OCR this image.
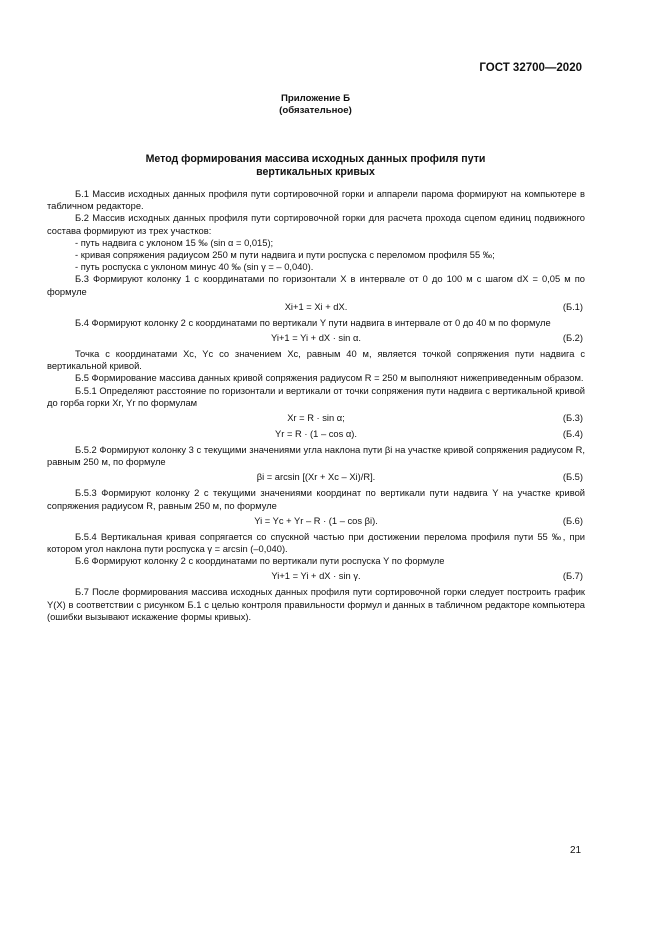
ГОСТ 32700—2020
Приложение Б
(обязательное)
Метод формирования массива исходных данных профиля пути
вертикальных кривых

Б.1 Массив исходных данных профиля пути сортировочной горки и аппарели парома формируют на компьютере в табличном редакторе.

Б.2 Массив исходных данных профиля пути сортировочной горки для расчета прохода сцепом единиц подвижного состава формируют из трех участков:

- путь надвига с уклоном 15 ‰ (sin α = 0,015);

- кривая сопряжения радиусом 250 м пути надвига и пути роспуска с переломом профиля 55 ‰;

- путь роспуска с уклоном минус 40 ‰ (sin γ = – 0,040).

Б.3 Формируют колонку 1 с координатами по горизонтали X в интервале от 0 до 100 м с шагом dX = 0,05 м по формуле

Xi+1 = Xi + dX.	(Б.1)

Б.4 Формируют колонку 2 с координатами по вертикали Y пути надвига в интервале от 0 до 40 м по формуле

Yi+1 = Yi + dX · sin α.	(Б.2)

Точка с координатами Xc, Yc со значением Xc, равным 40 м, является точкой сопряжения пути надвига с вертикальной кривой.

Б.5 Формирование массива данных кривой сопряжения радиусом R = 250 м выполняют нижеприведенным образом.

Б.5.1 Определяют расстояние по горизонтали и вертикали от точки сопряжения пути надвига с вертикальной кривой до горба горки Xr, Yr по формулам

Xr = R · sin α;	(Б.3)
Yr = R · (1 – cos α).	(Б.4)

Б.5.2 Формируют колонку 3 с текущими значениями угла наклона пути βi на участке кривой сопряжения радиусом R, равным 250 м, по формуле

βi = arcsin [(Xr + Xc – Xi)/R].	(Б.5)

Б.5.3 Формируют колонку 2 с текущими значениями координат по вертикали пути надвига Y на участке кривой сопряжения радиусом R, равным 250 м, по формуле

Yi = Yc + Yr – R · (1 – cos βi).	(Б.6)

Б.5.4 Вертикальная кривая сопрягается со спускной частью при достижении перелома профиля пути 55 ‰, при котором угол наклона пути роспуска γ = arcsin (–0,040).

Б.6 Формируют колонку 2 с координатами по вертикали пути роспуска Y по формуле

Yi+1 = Yi + dX · sin γ.	(Б.7)

Б.7 После формирования массива исходных данных профиля пути сортировочной горки следует построить график Y(X) в соответствии с рисунком Б.1 с целью контроля правильности формул и данных в табличном редакторе компьютера (ошибки вызывают искажение формы кривых).

21
